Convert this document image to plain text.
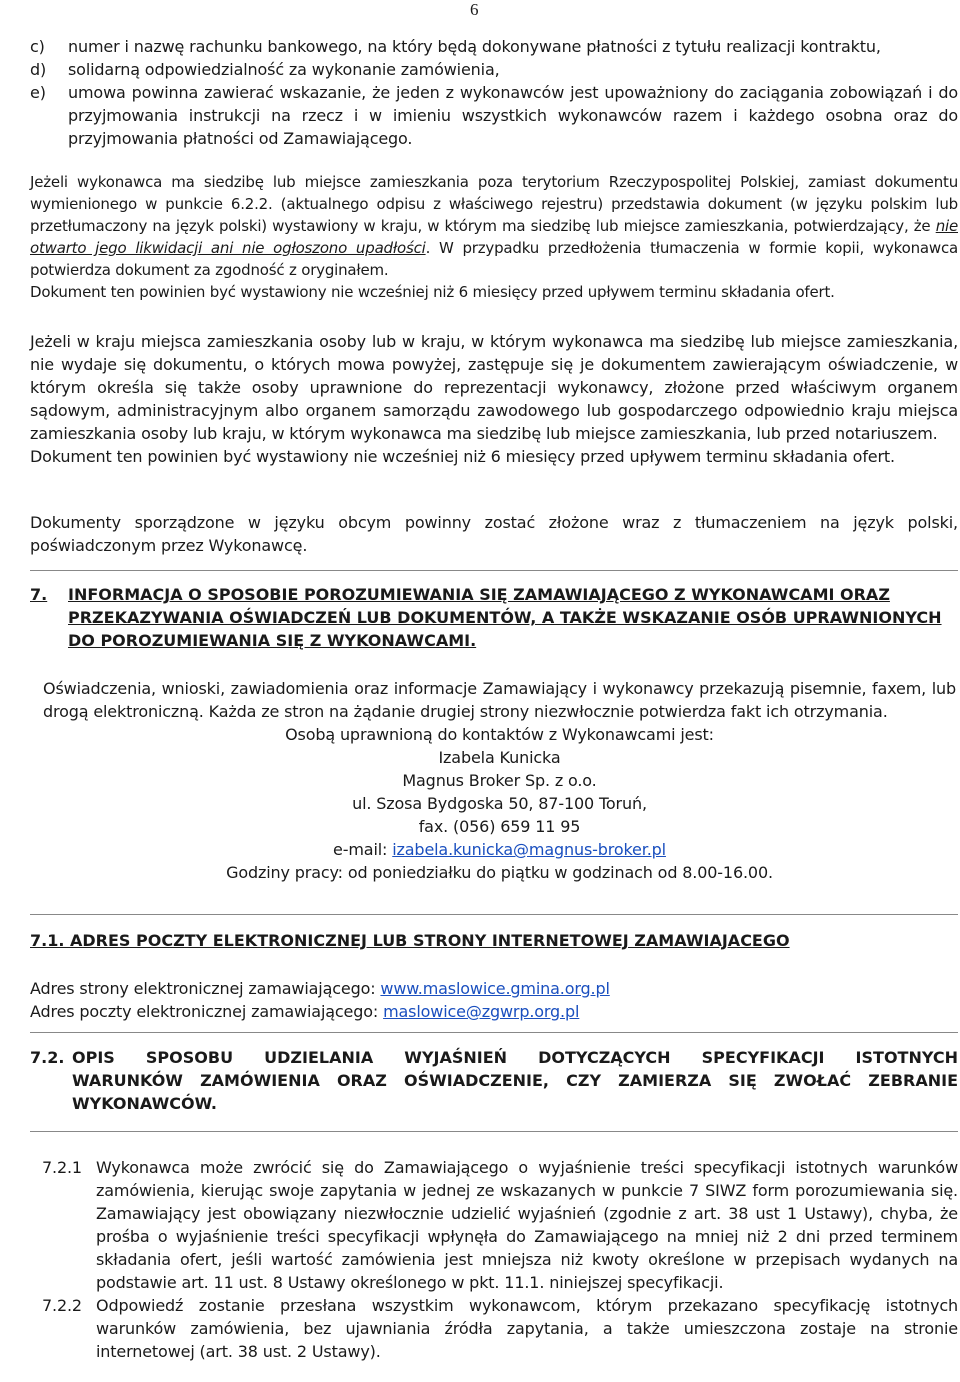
6
c)	numer i nazwę rachunku bankowego, na który będą dokonywane płatności z tytułu realizacji kontraktu,
d)	solidarną odpowiedzialność za wykonanie zamówienia,
e)	umowa powinna zawierać wskazanie, że jeden z wykonawców jest upoważniony do zaciągania zobowiązań i do przyjmowania instrukcji na rzecz i w imieniu wszystkich wykonawców razem i każdego osobna oraz do przyjmowania płatności od Zamawiającego.

Jeżeli wykonawca ma siedzibę lub miejsce zamieszkania poza terytorium Rzeczypospolitej Polskiej, zamiast dokumentu wymienionego w punkcie 6.2.2. (aktualnego odpisu z właściwego rejestru) przedstawia dokument (w języku polskim lub przetłumaczony na język polski) wystawiony w kraju, w którym ma siedzibę lub miejsce zamieszkania, potwierdzający, że nie otwarto jego likwidacji ani nie ogłoszono upadłości. W przypadku przedłożenia tłumaczenia w formie kopii, wykonawca potwierdza dokument za zgodność z oryginałem.

Dokument ten powinien być wystawiony nie wcześniej niż 6 miesięcy przed upływem terminu składania ofert.

Jeżeli w kraju miejsca zamieszkania osoby lub w kraju, w którym wykonawca ma siedzibę lub miejsce zamieszkania, nie wydaje się dokumentu, o których mowa powyżej, zastępuje się je dokumentem zawierającym oświadczenie, w którym określa się także osoby uprawnione do reprezentacji wykonawcy, złożone przed właściwym organem sądowym, administracyjnym albo organem samorządu zawodowego lub gospodarczego odpowiednio kraju miejsca zamieszkania osoby lub kraju, w którym wykonawca ma siedzibę lub miejsce zamieszkania, lub przed notariuszem.

Dokument ten powinien być wystawiony nie wcześniej niż 6 miesięcy przed upływem terminu składania ofert.

Dokumenty sporządzone w języku obcym powinny zostać złożone wraz z tłumaczeniem na język polski, poświadczonym przez Wykonawcę.

7.	INFORMACJA O SPOSOBIE POROZUMIEWANIA SIĘ ZAMAWIAJĄCEGO Z WYKONAWCAMI ORAZ PRZEKAZYWANIA OŚWIADCZEŃ LUB DOKUMENTÓW, A TAKŻE WSKAZANIE OSÓB UPRAWNIONYCH DO POROZUMIEWANIA SIĘ Z WYKONAWCAMI.

Oświadczenia, wnioski, zawiadomienia oraz informacje Zamawiający i wykonawcy przekazują pisemnie, faxem, lub drogą elektroniczną. Każda ze stron na żądanie drugiej strony niezwłocznie potwierdza fakt ich otrzymania.

Osobą uprawnioną do kontaktów z Wykonawcami jest:
Izabela Kunicka
Magnus Broker Sp. z o.o.
ul. Szosa Bydgoska 50, 87-100 Toruń,
fax. (056) 659 11 95
e-mail: izabela.kunicka@magnus-broker.pl
Godziny pracy: od poniedziałku do piątku w godzinach od 8.00-16.00.
7.1. ADRES POCZTY ELEKTRONICZNEJ LUB STRONY INTERNETOWEJ ZAMAWIAJACEGO
Adres strony elektronicznej zamawiającego: www.maslowice.gmina.org.pl
Adres poczty elektronicznej zamawiającego: maslowice@zgwrp.org.pl
7.2. OPIS SPOSOBU UDZIELANIA WYJAŚNIEŃ DOTYCZĄCYCH SPECYFIKACJI ISTOTNYCH WARUNKÓW ZAMÓWIENIA ORAZ OŚWIADCZENIE, CZY ZAMIERZA SIĘ ZWOŁAĆ ZEBRANIE WYKONAWCÓW.
7.2.1 Wykonawca może zwrócić się do Zamawiającego o wyjaśnienie treści specyfikacji istotnych warunków zamówienia, kierując swoje zapytania w jednej ze wskazanych w punkcie 7 SIWZ form porozumiewania się. Zamawiający jest obowiązany niezwłocznie udzielić wyjaśnień (zgodnie z art. 38 ust 1 Ustawy), chyba, że prośba o wyjaśnienie treści specyfikacji wpłynęła do Zamawiającego na mniej niż 2 dni przed terminem składania ofert, jeśli wartość zamówienia jest mniejsza niż kwoty określone w przepisach wydanych na podstawie art. 11 ust. 8 Ustawy określonego w pkt. 11.1. niniejszej specyfikacji.
7.2.2 Odpowiedź zostanie przesłana wszystkim wykonawcom, którym przekazano specyfikację istotnych warunków zamówienia, bez ujawniania źródła zapytania, a także umieszczona zostaje na stronie internetowej (art. 38 ust. 2 Ustawy).
